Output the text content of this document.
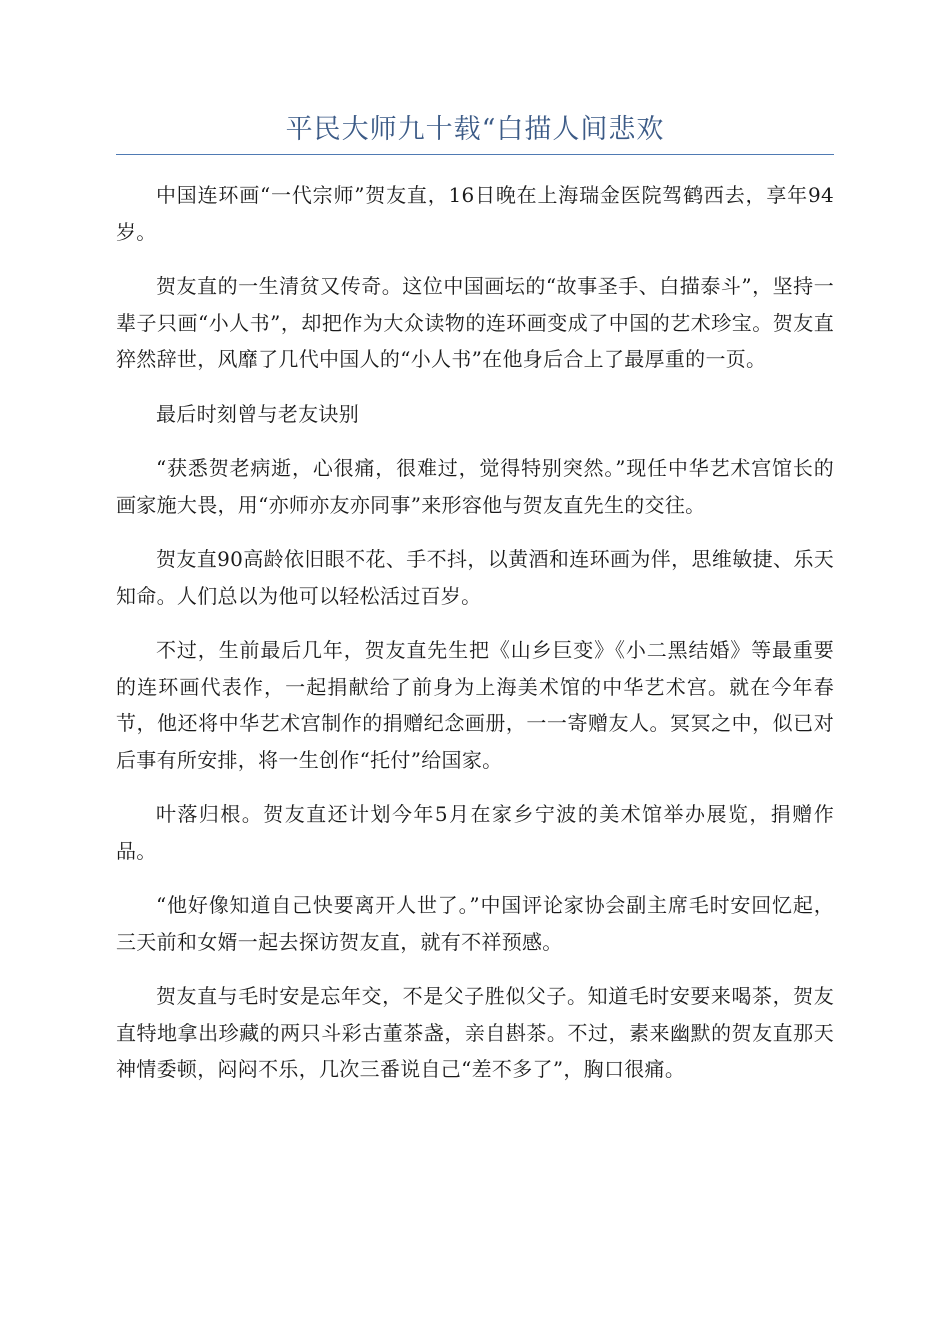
平民大师九十载“白描人间悲欢

中国连环画“一代宗师”贺友直，16日晚在上海瑞金医院驾鹤西去，享年94岁。

贺友直的一生清贫又传奇。这位中国画坛的“故事圣手、白描泰斗”，坚持一辈子只画“小人书”，却把作为大众读物的连环画变成了中国的艺术珍宝。贺友直猝然辞世，风靡了几代中国人的“小人书”在他身后合上了最厚重的一页。

最后时刻曾与老友诀别

“获悉贺老病逝，心很痛，很难过，觉得特别突然。”现任中华艺术宫馆长的画家施大畏，用“亦师亦友亦同事”来形容他与贺友直先生的交往。

贺友直90高龄依旧眼不花、手不抖，以黄酒和连环画为伴，思维敏捷、乐天知命。人们总以为他可以轻松活过百岁。

不过，生前最后几年，贺友直先生把《山乡巨变》《小二黑结婚》等最重要的连环画代表作，一起捐献给了前身为上海美术馆的中华艺术宫。就在今年春节，他还将中华艺术宫制作的捐赠纪念画册，一一寄赠友人。冥冥之中，似已对后事有所安排，将一生创作“托付”给国家。

叶落归根。贺友直还计划今年5月在家乡宁波的美术馆举办展览，捐赠作品。

“他好像知道自己快要离开人世了。”中国评论家协会副主席毛时安回忆起，三天前和女婿一起去探访贺友直，就有不祥预感。

贺友直与毛时安是忘年交，不是父子胜似父子。知道毛时安要来喝茶，贺友直特地拿出珍藏的两只斗彩古董茶盏，亲自斟茶。不过，素来幽默的贺友直那天神情委顿，闷闷不乐，几次三番说自己“差不多了”，胸口很痛。
